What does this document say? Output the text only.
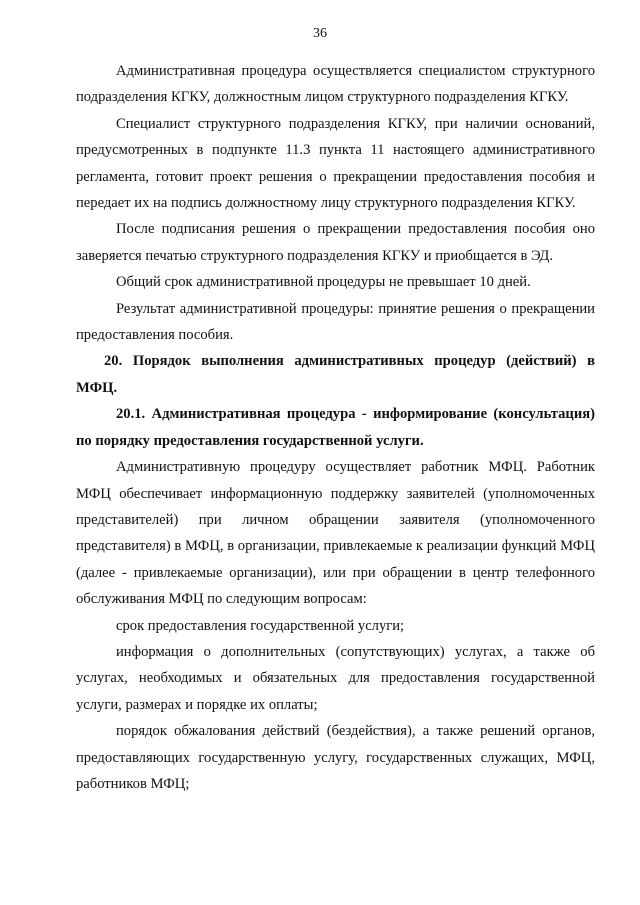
36

Административная процедура осуществляется специалистом структурного подразделения КГКУ, должностным лицом структурного подразделения КГКУ.

Специалист структурного подразделения КГКУ, при наличии оснований, предусмотренных в подпункте 11.3 пункта 11 настоящего административного регламента, готовит проект решения о прекращении предоставления пособия и передает их на подпись должностному лицу структурного подразделения КГКУ.

После подписания решения о прекращении предоставления пособия оно заверяется печатью структурного подразделения КГКУ и приобщается в ЭД.

Общий срок административной процедуры не превышает 10 дней.

Результат административной процедуры: принятие решения о прекращении предоставления пособия.

20. Порядок выполнения административных процедур (действий) в МФЦ.

20.1. Административная процедура - информирование (консультация) по порядку предоставления государственной услуги.

Административную процедуру осуществляет работник МФЦ. Работник МФЦ обеспечивает информационную поддержку заявителей (уполномоченных представителей) при личном обращении заявителя (уполномоченного представителя) в МФЦ, в организации, привлекаемые к реализации функций МФЦ (далее - привлекаемые организации), или при обращении в центр телефонного обслуживания МФЦ по следующим вопросам:

срок предоставления государственной услуги;

информация о дополнительных (сопутствующих) услугах, а также об услугах, необходимых и обязательных для предоставления государственной услуги, размерах и порядке их оплаты;

порядок обжалования действий (бездействия), а также решений органов, предоставляющих государственную услугу, государственных служащих, МФЦ, работников МФЦ;
